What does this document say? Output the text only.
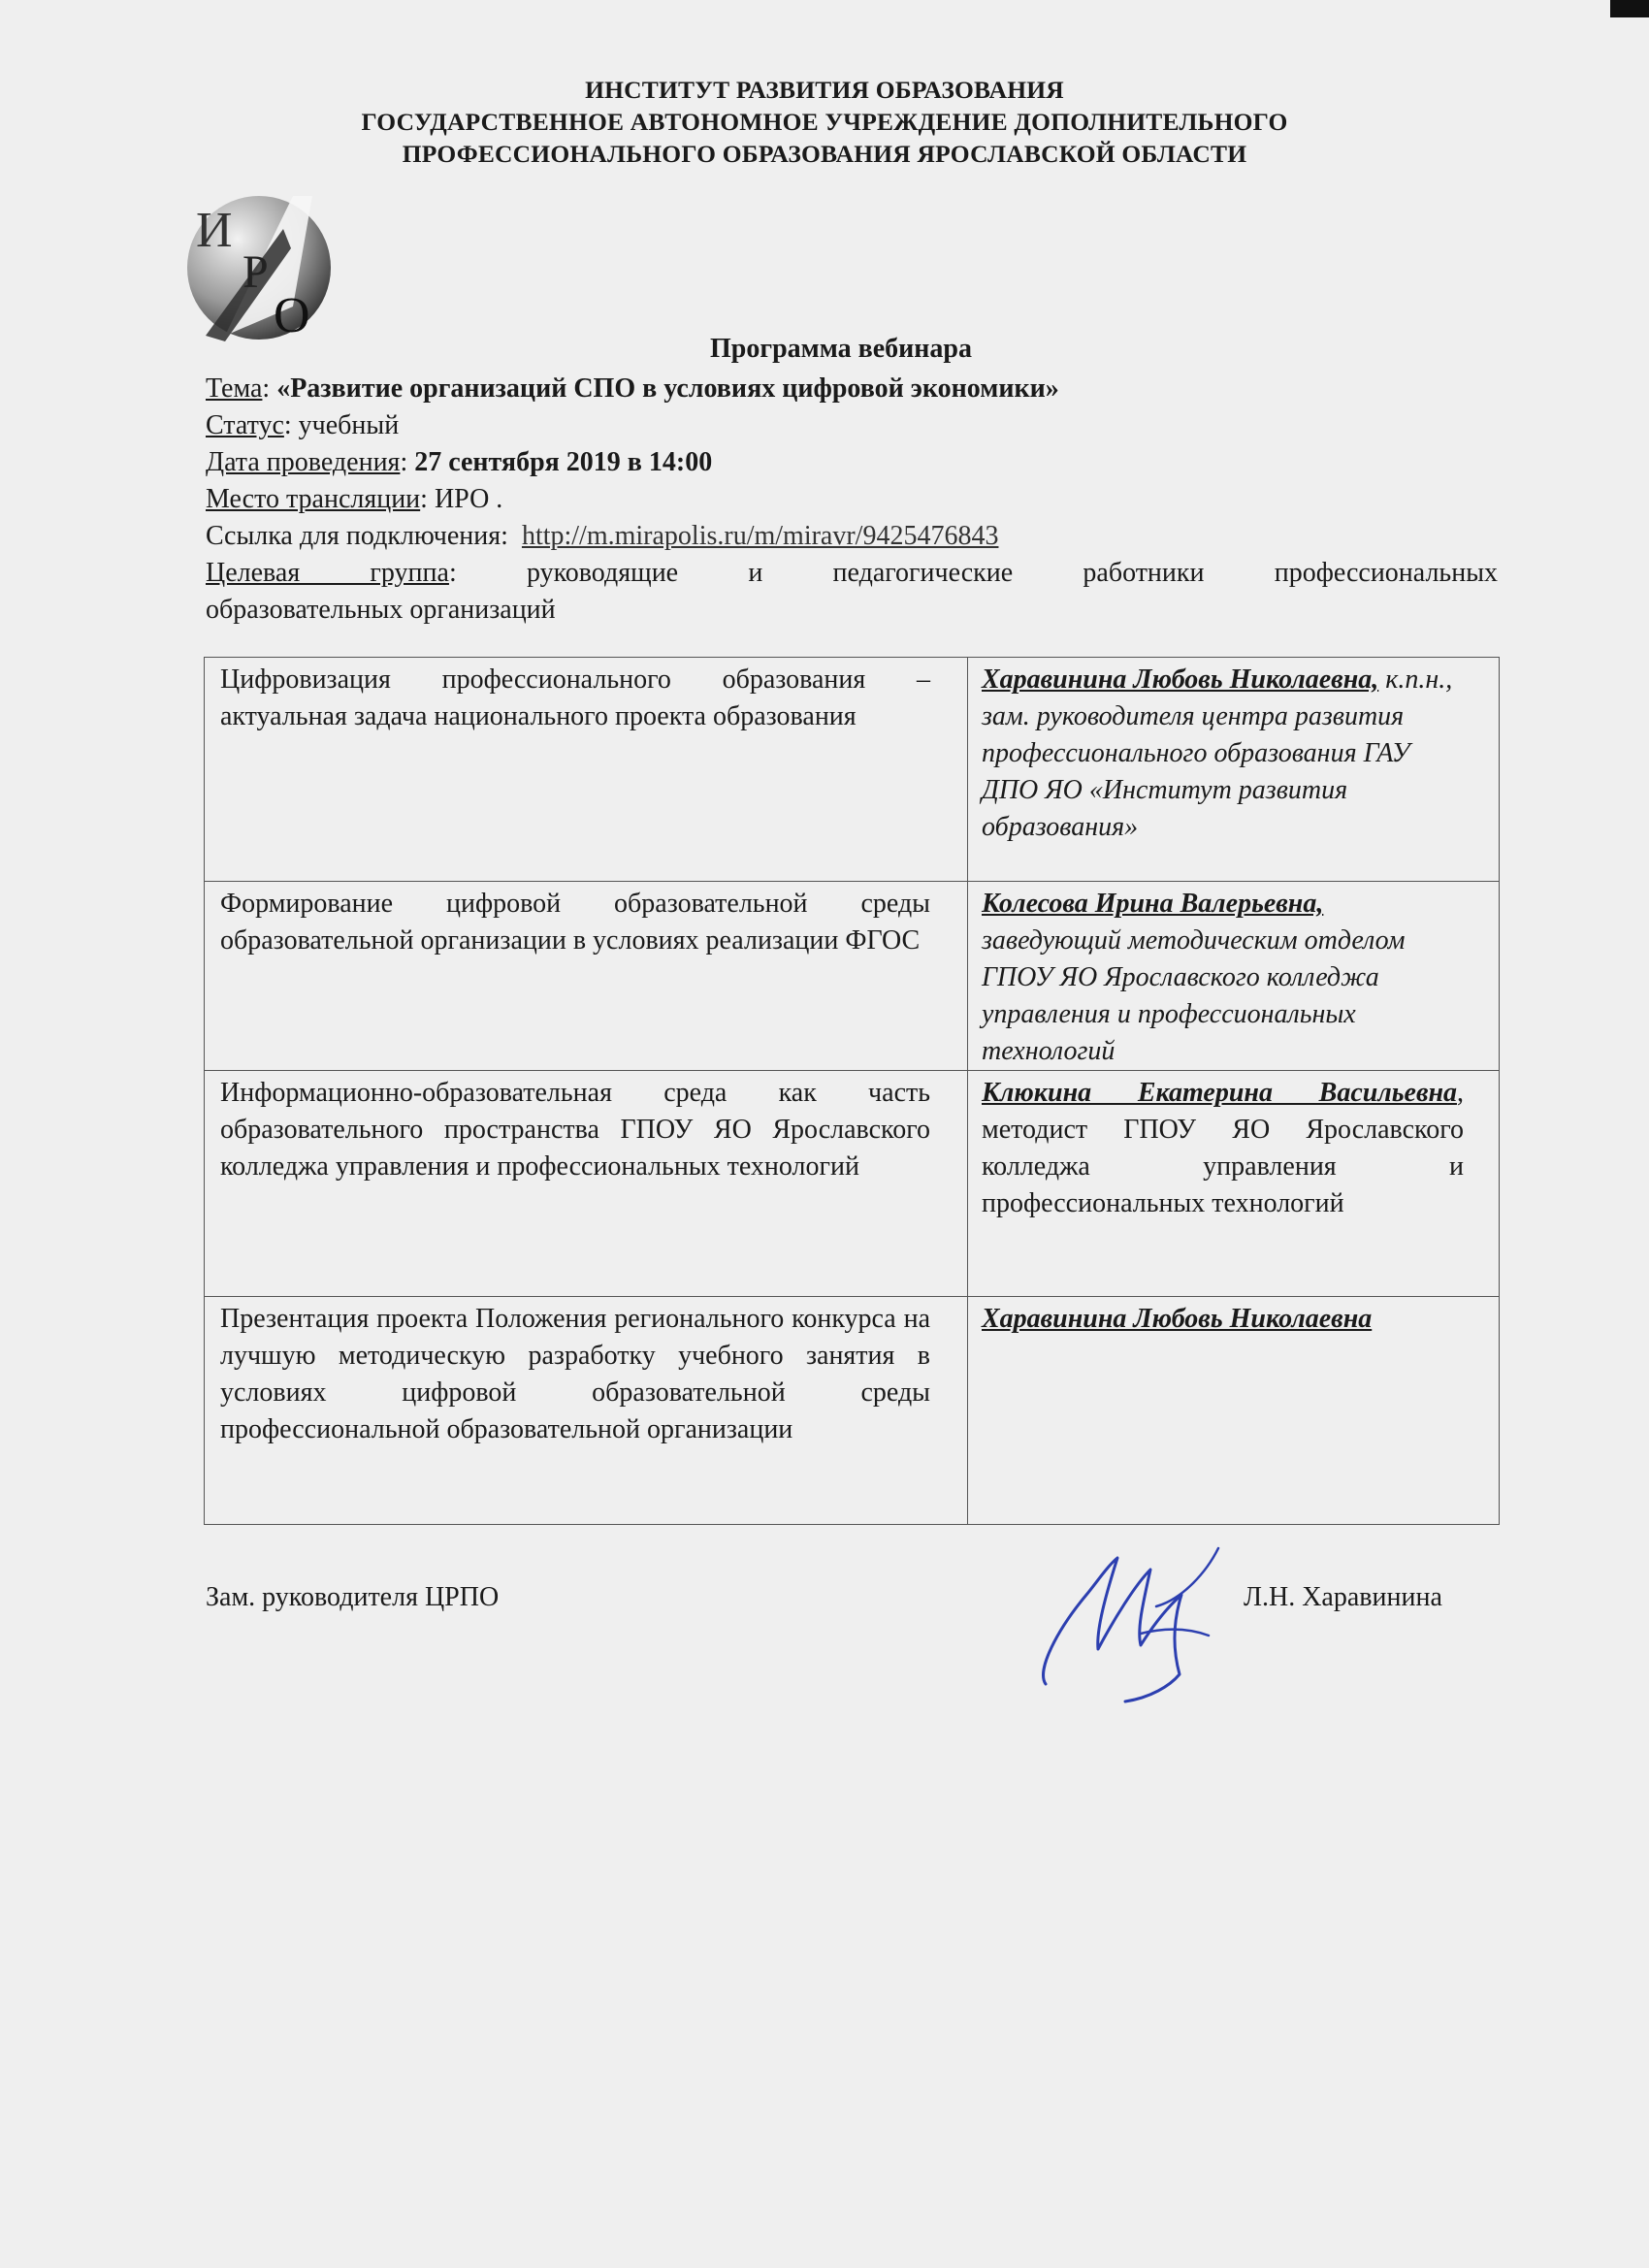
ИНСТИТУТ РАЗВИТИЯ ОБРАЗОВАНИЯ
ГОСУДАРСТВЕННОЕ АВТОНОМНОЕ УЧРЕЖДЕНИЕ ДОПОЛНИТЕЛЬНОГО
ПРОФЕССИОНАЛЬНОГО ОБРАЗОВАНИЯ ЯРОСЛАВСКОЙ ОБЛАСТИ
И
Р
О
Программа вебинара
Тема: «Развитие организаций СПО в условиях цифровой экономики»
Статус: учебный
Дата проведения: 27 сентября 2019 в 14:00
Место трансляции: ИРО .
Ссылка для подключения: http://m.mirapolis.ru/m/miravr/9425476843
Целевая группа: руководящие и педагогические работники профессиональных
образовательных организаций
Цифровизация профессионального образования – актуальная задача национального проекта образования	Харавинина Любовь Николаевна, к.п.н., зам. руководителя центра развития профессионального образования ГАУ ДПО ЯО «Институт развития образования»
Формирование цифровой образовательной среды образовательной организации в условиях реализации ФГОС	Колесова Ирина Валерьевна, заведующий методическим отделом ГПОУ ЯО Ярославского колледжа управления и профессиональных технологий
Информационно-образовательная среда как часть образовательного пространства ГПОУ ЯО Ярославского колледжа управления и профессиональных технологий	Клюкина Екатерина Васильевна, методист ГПОУ ЯО Ярославского колледжа управления и профессиональных технологий

Презентация проекта Положения регионального конкурса на лучшую методическую разработку учебного занятия в условиях цифровой образовательной среды профессиональной образовательной организации	Харавинина Любовь Николаевна
Зам. руководителя ЦРПО	Л.Н. Харавинина
